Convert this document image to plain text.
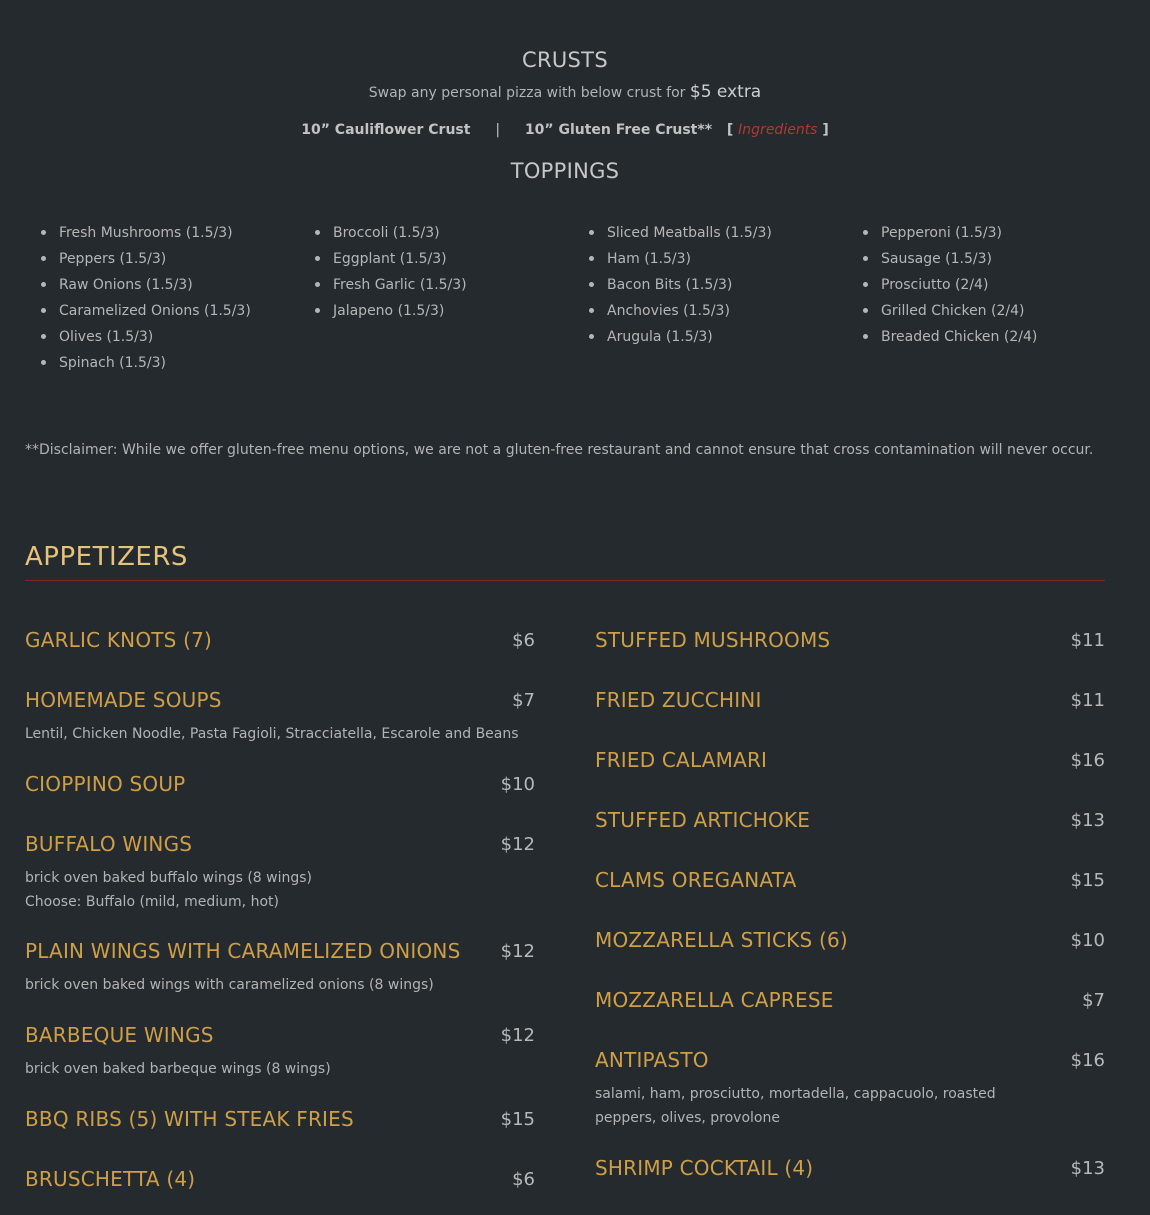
CRUSTS
Swap any personal pizza with below crust for $5 extra
10” Cauliflower Crust | 10” Gluten Free Crust** [ Ingredients ]
TOPPINGS
Fresh Mushrooms (1.5/3)
Peppers (1.5/3)
Raw Onions (1.5/3)
Caramelized Onions (1.5/3)
Olives (1.5/3)
Spinach (1.5/3)
Broccoli (1.5/3)
Eggplant (1.5/3)
Fresh Garlic (1.5/3)
Jalapeno (1.5/3)
Sliced Meatballs (1.5/3)
Ham (1.5/3)
Bacon Bits (1.5/3)
Anchovies (1.5/3)
Arugula (1.5/3)
Pepperoni (1.5/3)
Sausage (1.5/3)
Prosciutto (2/4)
Grilled Chicken (2/4)
Breaded Chicken (2/4)
**Disclaimer: While we offer gluten-free menu options, we are not a gluten-free restaurant and cannot ensure that cross contamination will never occur.
APPETIZERS
GARLIC KNOTS (7)	$6
HOMEMADE SOUPS	$7
Lentil, Chicken Noodle, Pasta Fagioli, Stracciatella, Escarole and Beans
CIOPPINO SOUP	$10
BUFFALO WINGS	$12
brick oven baked buffalo wings (8 wings)
Choose: Buffalo (mild, medium, hot)
PLAIN WINGS WITH CARAMELIZED ONIONS $12
brick oven baked wings with caramelized onions (8 wings)
BARBEQUE WINGS	$12
brick oven baked barbeque wings (8 wings)
BBQ RIBS (5) WITH STEAK FRIES	$15
BRUSCHETTA (4)	$6
STUFFED MUSHROOMS	$11
FRIED ZUCCHINI	$11
FRIED CALAMARI	$16
STUFFED ARTICHOKE	$13
CLAMS OREGANATA	$15
MOZZARELLA STICKS (6)	$10
MOZZARELLA CAPRESE	$7
ANTIPASTO	$16
salami, ham, prosciutto, mortadella, cappacuolo, roasted peppers, olives, provolone
SHRIMP COCKTAIL (4)	$13
